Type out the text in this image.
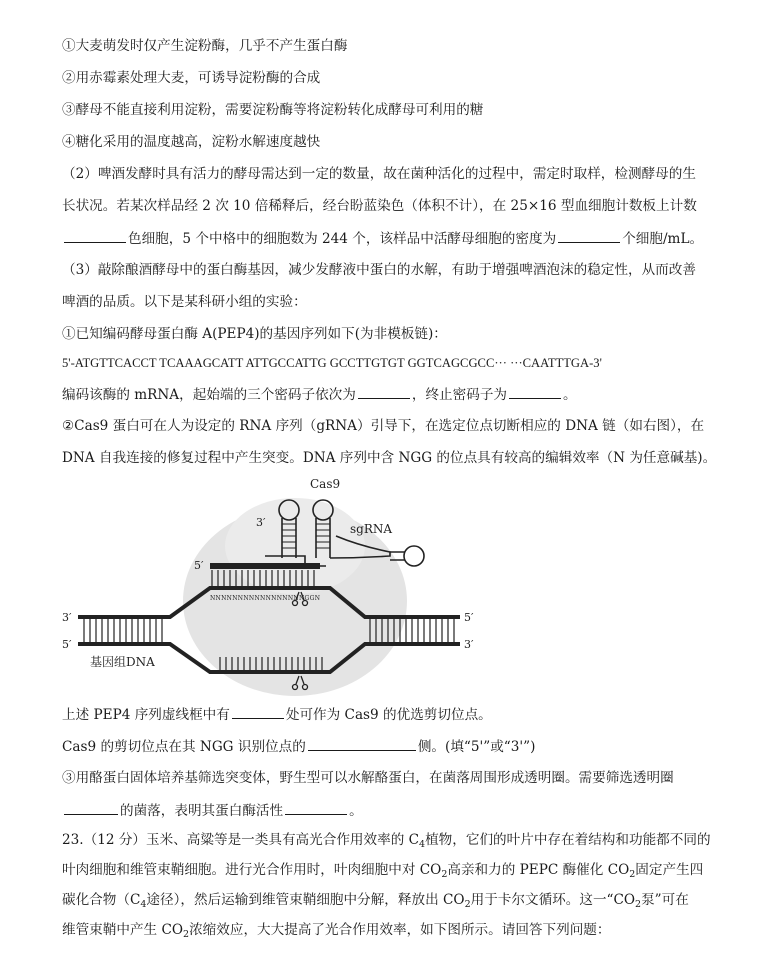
①大麦萌发时仅产生淀粉酶，几乎不产生蛋白酶
②用赤霉素处理大麦，可诱导淀粉酶的合成
③酵母不能直接利用淀粉，需要淀粉酶等将淀粉转化成酵母可利用的糖
④糖化采用的温度越高，淀粉水解速度越快
（2）啤酒发酵时具有活力的酵母需达到一定的数量，故在菌种活化的过程中，需定时取样，检测酵母的生
长状况。若某次样品经 2 次 10 倍稀释后，经台盼蓝染色（体积不计），在 25×16 型血细胞计数板上计数
色细胞，5 个中格中的细胞数为 244 个，该样品中活酵母细胞的密度为	个细胞/mL。
（3）敲除酿酒酵母中的蛋白酶基因，减少发酵液中蛋白的水解，有助于增强啤酒泡沫的稳定性，从而改善
啤酒的品质。以下是某科研小组的实验：
①已知编码酵母蛋白酶 A(PEP4)的基因序列如下(为非模板链)：
5'-ATGTTCACCT TCAAAGCATT ATTGCCATTG GCCTTGTGT GGTCAGCGCC··· ···CAATTTGA-3'
编码该酶的 mRNA，起始端的三个密码子依次为	，终止密码子为	。
②Cas9 蛋白可在人为设定的 RNA 序列（gRNA）引导下，在选定位点切断相应的 DNA 链（如右图），在
DNA 自我连接的修复过程中产生突变。DNA 序列中含 NGG 的位点具有较高的编辑效率（N 为任意碱基)。
NNNNNNNNNNNNNNNNNGGN
Cas9
sgRNA
3′
5′
3′
5′
5′
3′
基因组DNA
上述 PEP4 序列虚线框中有	处可作为 Cas9 的优选剪切位点。
Cas9 的剪切位点在其 NGG 识别位点的	侧。(填“5'”或“3'”)
③用酪蛋白固体培养基筛选突变体，野生型可以水解酪蛋白，在菌落周围形成透明圈。需要筛选透明圈
的菌落，表明其蛋白酶活性	。
23.（12 分）玉米、高粱等是一类具有高光合作用效率的 $C_4$植物，它们的叶片中存在着结构和功能都不同的
叶肉细胞和维管束鞘细胞。进行光合作用时，叶肉细胞中对 $CO_2$高亲和力的 PEPC 酶催化 $CO_2$固定产生四
碳化合物（$C_4$途径），然后运输到维管束鞘细胞中分解，释放出 $CO_2$用于卡尔文循环。这一“$CO_2$泵”可在
维管束鞘中产生 $CO_2$浓缩效应，大大提高了光合作用效率，如下图所示。请回答下列问题：
